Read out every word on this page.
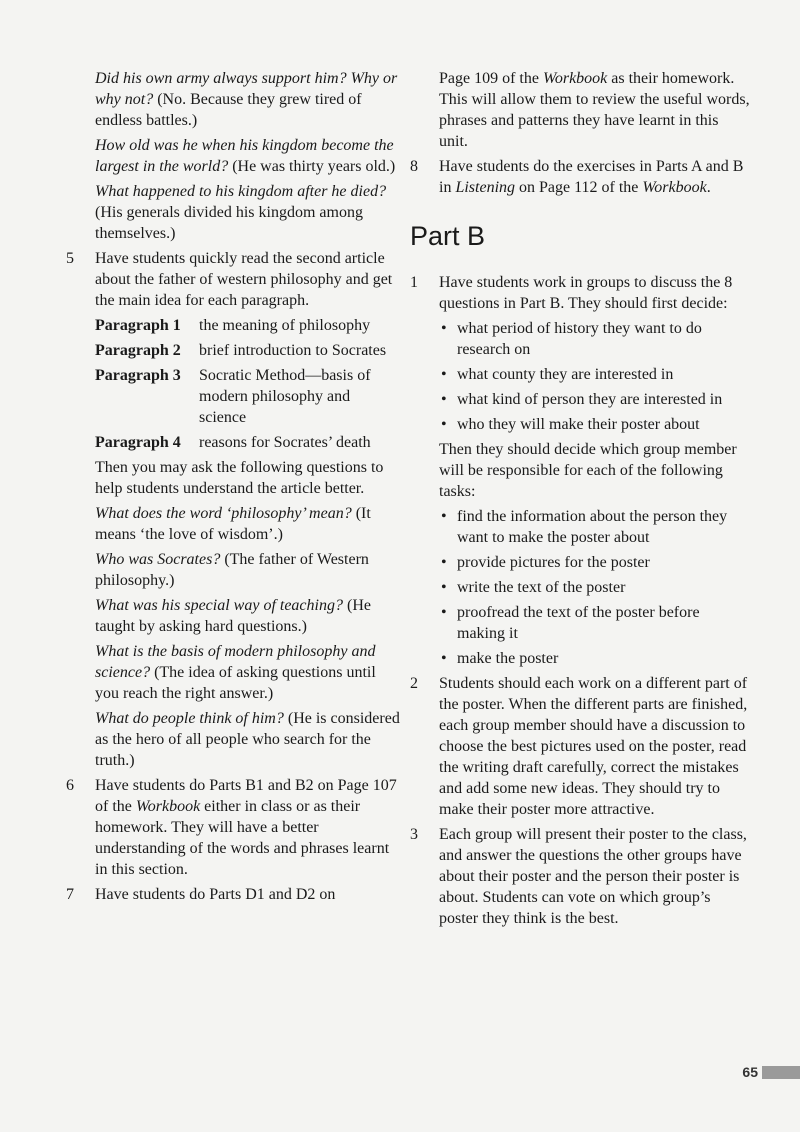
Did his own army always support him? Why or why not? (No. Because they grew tired of endless battles.)

How old was he when his kingdom become the largest in the world? (He was thirty years old.)

What happened to his kingdom after he died? (His generals divided his kingdom among themselves.)

5 Have students quickly read the second article about the father of western philosophy and get the main idea for each paragraph.

Paragraph 1	the meaning of philosophy
Paragraph 2	brief introduction to Socrates
Paragraph 3	Socratic Method—basis of modern philosophy and science
Paragraph 4	reasons for Socrates’ death

Then you may ask the following questions to help students understand the article better.

What does the word ‘philosophy’ mean? (It means ‘the love of wisdom’.)

Who was Socrates? (The father of Western philosophy.)

What was his special way of teaching? (He taught by asking hard questions.)

What is the basis of modern philosophy and science? (The idea of asking questions until you reach the right answer.)

What do people think of him? (He is considered as the hero of all people who search for the truth.)

6 Have students do Parts B1 and B2 on Page 107 of the Workbook either in class or as their homework. They will have a better understanding of the words and phrases learnt in this section.

7 Have students do Parts D1 and D2 on

Page 109 of the Workbook as their homework. This will allow them to review the useful words, phrases and patterns they have learnt in this unit.

8 Have students do the exercises in Parts A and B in Listening on Page 112 of the Workbook.

Part B

1 Have students work in groups to discuss the 8 questions in Part B. They should first decide:

• what period of history they want to do research on
• what county they are interested in
• what kind of person they are interested in
• who they will make their poster about

Then they should decide which group member will be responsible for each of the following tasks:

• find the information about the person they want to make the poster about
• provide pictures for the poster
• write the text of the poster
• proofread the text of the poster before making it
• make the poster

2 Students should each work on a different part of the poster. When the different parts are finished, each group member should have a discussion to choose the best pictures used on the poster, read the writing draft carefully, correct the mistakes and add some new ideas. They should try to make their poster more attractive.

3 Each group will present their poster to the class, and answer the questions the other groups have about their poster and the person their poster is about. Students can vote on which group’s poster they think is the best.

65
